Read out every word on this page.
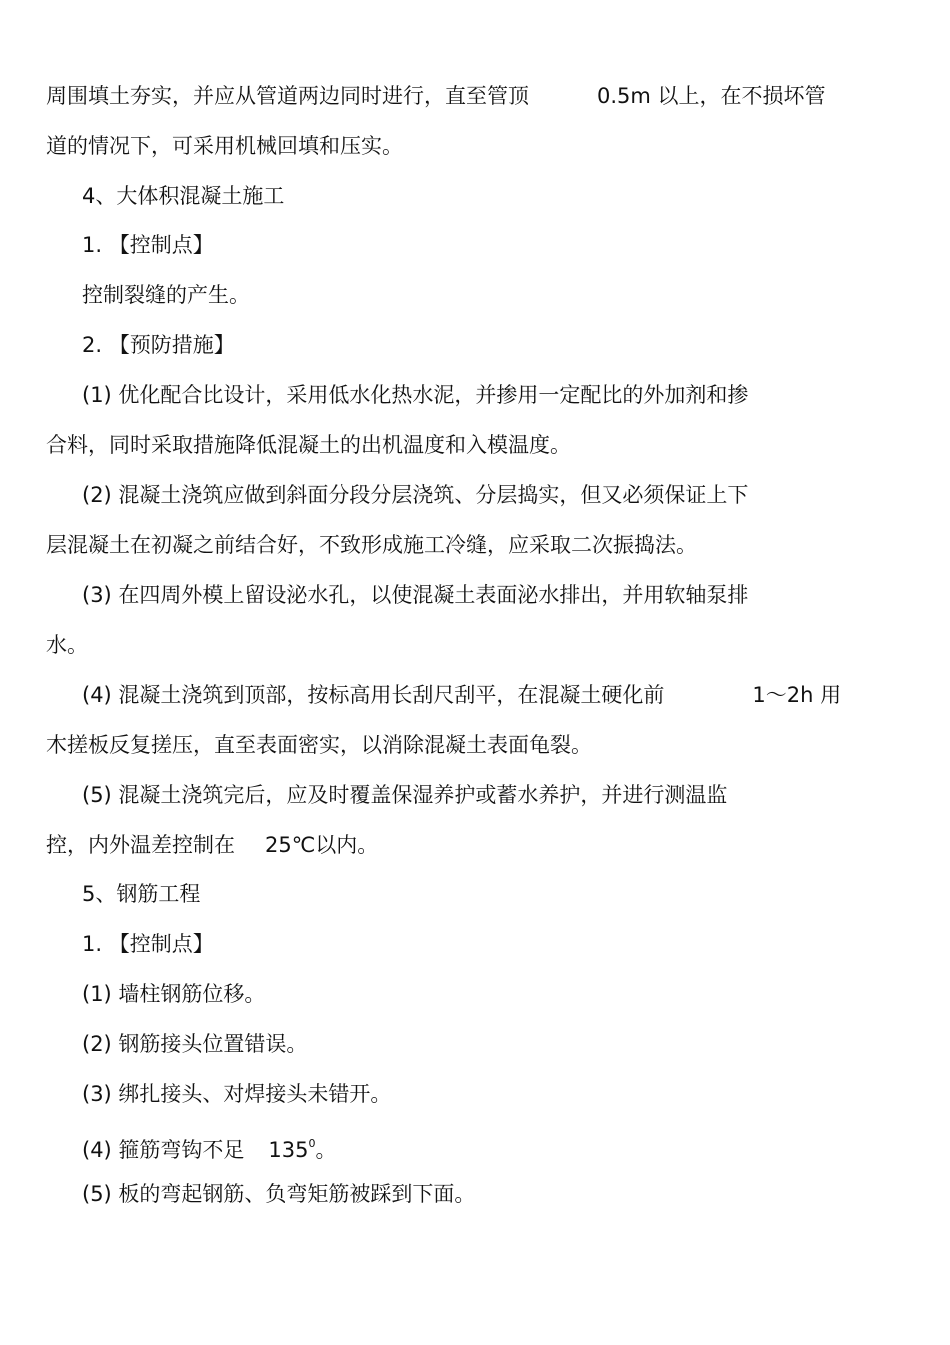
周围填土夯实，并应从管道两边同时进行，直至管顶	0.5m 以上，在不损坏管
道的情况下，可采用机械回填和压实。
4、大体积混凝土施工
1. 【控制点】
控制裂缝的产生。
2. 【预防措施】
(1) 优化配合比设计，采用低水化热水泥，并掺用一定配比的外加剂和掺
合料，同时采取措施降低混凝土的出机温度和入模温度。
(2) 混凝土浇筑应做到斜面分段分层浇筑、分层捣实，但又必须保证上下
层混凝土在初凝之前结合好，不致形成施工冷缝，应采取二次振捣法。
(3) 在四周外模上留设泌水孔，以使混凝土表面泌水排出，并用软轴泵排
水。
(4) 混凝土浇筑到顶部，按标高用长刮尺刮平，在混凝土硬化前	1～2h 用
木搓板反复搓压，直至表面密实，以消除混凝土表面龟裂。
(5) 混凝土浇筑完后，应及时覆盖保湿养护或蓄水养护，并进行测温监
控，内外温差控制在 25℃以内。
5、钢筋工程
1. 【控制点】
(1) 墙柱钢筋位移。
(2) 钢筋接头位置错误。
(3) 绑扎接头、对焊接头未错开。
(4) 箍筋弯钩不足 $135^0$。
(5) 板的弯起钢筋、负弯矩筋被踩到下面。
